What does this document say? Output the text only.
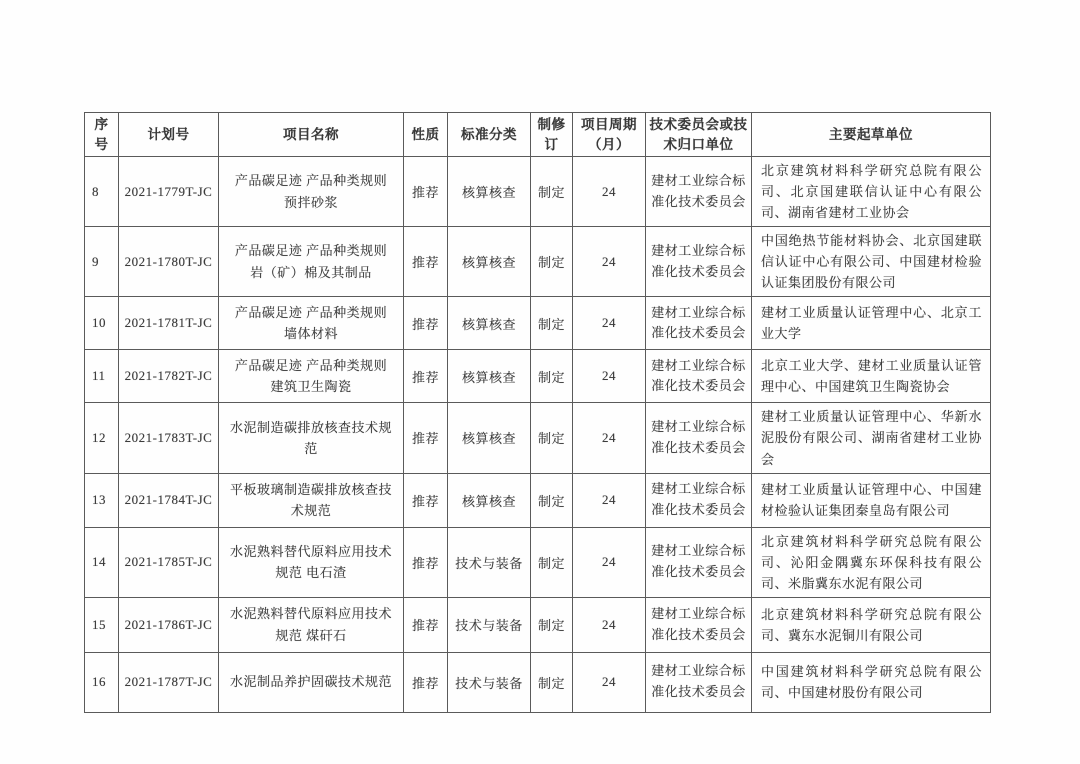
序号	计划号	项目名称	性质	标准分类	制修订	项目周期（月）	技术委员会或技术归口单位	主要起草单位
8	2021-1779T-JC	产品碳足迹 产品种类规则 预拌砂浆	推荐	核算核查	制定	24	建材工业综合标准化技术委员会	北京建筑材料科学研究总院有限公司、北京国建联信认证中心有限公司、湖南省建材工业协会
9	2021-1780T-JC	产品碳足迹 产品种类规则 岩（矿）棉及其制品	推荐	核算核查	制定	24	建材工业综合标准化技术委员会	中国绝热节能材料协会、北京国建联信认证中心有限公司、中国建材检验认证集团股份有限公司
10	2021-1781T-JC	产品碳足迹 产品种类规则 墙体材料	推荐	核算核查	制定	24	建材工业综合标准化技术委员会	建材工业质量认证管理中心、北京工业大学
11	2021-1782T-JC	产品碳足迹 产品种类规则 建筑卫生陶瓷	推荐	核算核查	制定	24	建材工业综合标准化技术委员会	北京工业大学、建材工业质量认证管理中心、中国建筑卫生陶瓷协会
12	2021-1783T-JC	水泥制造碳排放核查技术规范	推荐	核算核查	制定	24	建材工业综合标准化技术委员会	建材工业质量认证管理中心、华新水泥股份有限公司、湖南省建材工业协会
13	2021-1784T-JC	平板玻璃制造碳排放核查技术规范	推荐	核算核查	制定	24	建材工业综合标准化技术委员会	建材工业质量认证管理中心、中国建材检验认证集团秦皇岛有限公司
14	2021-1785T-JC	水泥熟料替代原料应用技术规范 电石渣	推荐	技术与装备	制定	24	建材工业综合标准化技术委员会	北京建筑材料科学研究总院有限公司、沁阳金隅冀东环保科技有限公司、米脂冀东水泥有限公司
15	2021-1786T-JC	水泥熟料替代原料应用技术规范 煤矸石	推荐	技术与装备	制定	24	建材工业综合标准化技术委员会	北京建筑材料科学研究总院有限公司、冀东水泥铜川有限公司
16	2021-1787T-JC	水泥制品养护固碳技术规范	推荐	技术与装备	制定	24	建材工业综合标准化技术委员会	中国建筑材料科学研究总院有限公司、中国建材股份有限公司
